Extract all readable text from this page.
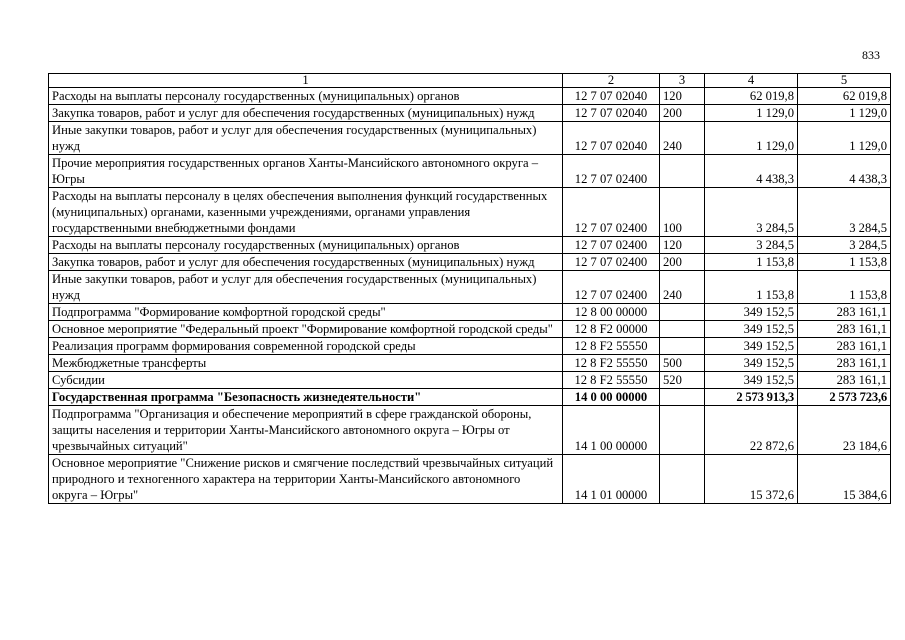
833
1	2	3	4	5
Расходы на выплаты персоналу государственных (муниципальных) органов	12 7 07 02040	120	62 019,8	62 019,8
Закупка товаров, работ и услуг для обеспечения государственных (муниципальных) нужд	12 7 07 02040	200	1 129,0	1 129,0
Иные закупки товаров, работ и услуг для обеспечения государственных (муниципальных) нужд	12 7 07 02040	240	1 129,0	1 129,0
Прочие мероприятия государственных органов Ханты-Мансийского автономного округа – Югры	12 7 07 02400		4 438,3	4 438,3
Расходы на выплаты персоналу в целях обеспечения выполнения функций государственных (муниципальных) органами, казенными учреждениями, органами управления государственными внебюджетными фондами	12 7 07 02400	100	3 284,5	3 284,5
Расходы на выплаты персоналу государственных (муниципальных) органов	12 7 07 02400	120	3 284,5	3 284,5
Закупка товаров, работ и услуг для обеспечения государственных (муниципальных) нужд	12 7 07 02400	200	1 153,8	1 153,8
Иные закупки товаров, работ и услуг для обеспечения государственных (муниципальных) нужд	12 7 07 02400	240	1 153,8	1 153,8
Подпрограмма "Формирование комфортной городской среды"	12 8 00 00000		349 152,5	283 161,1
Основное мероприятие "Федеральный проект "Формирование комфортной городской среды"	12 8 F2 00000		349 152,5	283 161,1
Реализация программ формирования современной городской среды	12 8 F2 55550		349 152,5	283 161,1
Межбюджетные трансферты	12 8 F2 55550	500	349 152,5	283 161,1
Субсидии	12 8 F2 55550	520	349 152,5	283 161,1
Государственная программа "Безопасность жизнедеятельности"	14 0 00 00000		2 573 913,3	2 573 723,6
Подпрограмма "Организация и обеспечение мероприятий в сфере гражданской обороны, защиты населения и территории Ханты-Мансийского автономного округа – Югры от чрезвычайных ситуаций"	14 1 00 00000		22 872,6	23 184,6
Основное мероприятие "Снижение рисков и смягчение последствий чрезвычайных ситуаций природного и техногенного характера на территории Ханты-Мансийского автономного округа – Югры"	14 1 01 00000		15 372,6	15 384,6
